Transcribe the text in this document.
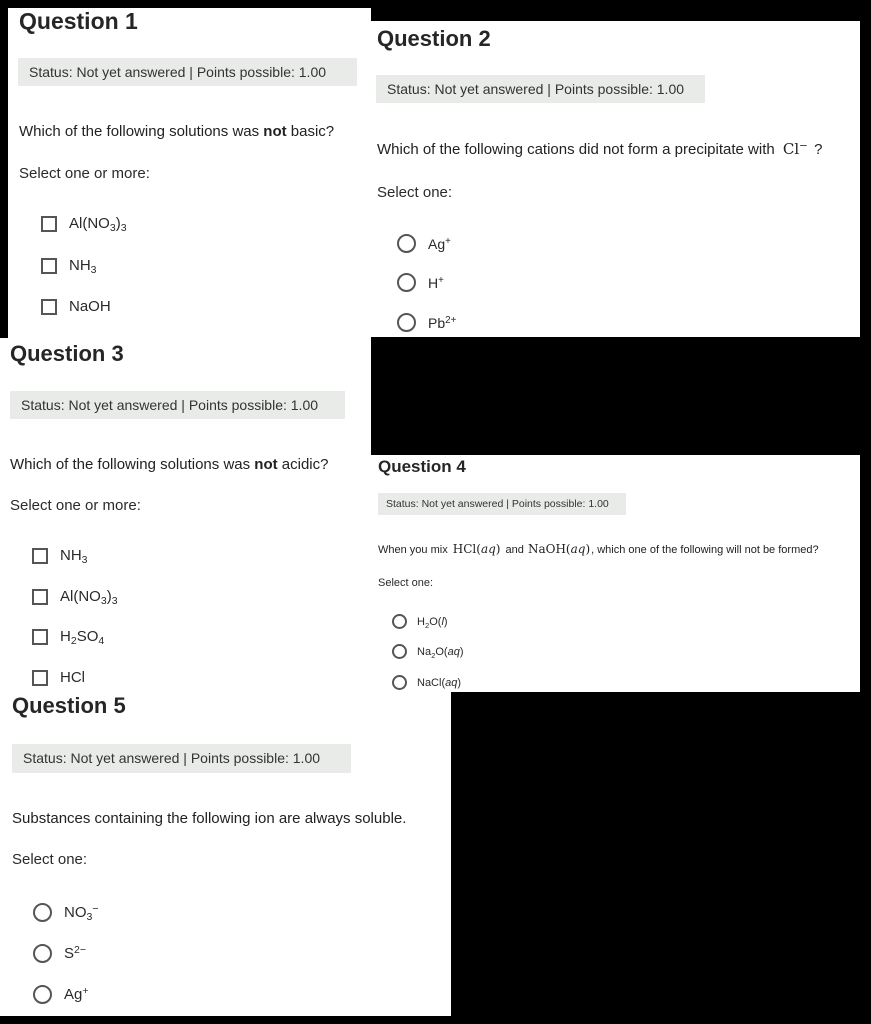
Question 1
Status: Not yet answered | Points possible: 1.00
Which of the following solutions was not basic?
Select one or more:
$Al(NO_3)_3$
$NH_3$
NaOH
Question 2
Status: Not yet answered | Points possible: 1.00
Which of the following cations did not form a precipitate with Cl− ?
Select one:
Ag+
H+
$Pb^{2+}$
Question 3
Status: Not yet answered | Points possible: 1.00
Which of the following solutions was not acidic?
Select one or more:
$NH_3$
$Al(NO_3)_3$
$H_2SO_4$
HCl
Question 4
Status: Not yet answered | Points possible: 1.00
When you mix HCl(aq) and NaOH(aq), which one of the following will not be formed?
Select one:
$H_2O(l)$
$Na_2O(aq)$
NaCl(aq)
Question 5
Status: Not yet answered | Points possible: 1.00
Substances containing the following ion are always soluble.
Select one:
$NO_3^-$
$S^{2-}$
Ag+
